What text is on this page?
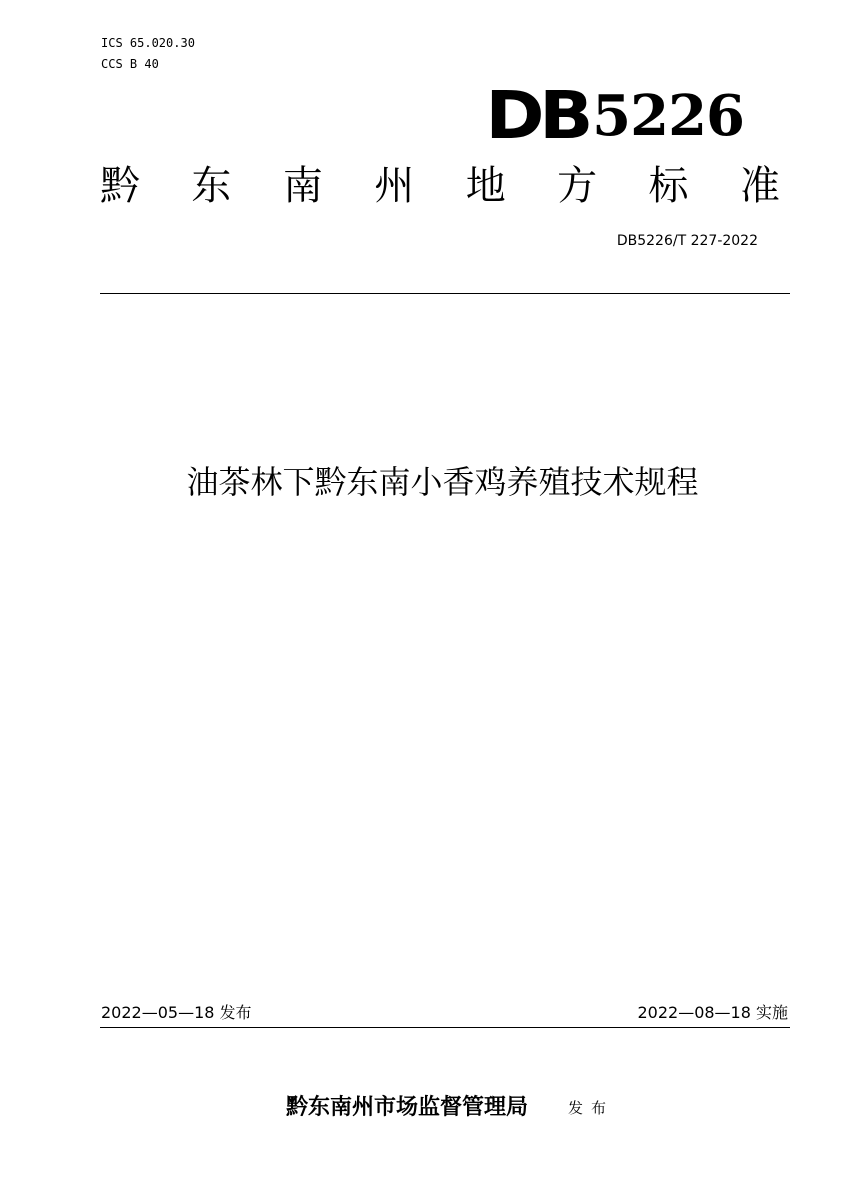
ICS 65.020.30
CCS B 40
DB 5226
黔 东 南 州 地 方 标 准
DB5226/T 227-2022
油茶林下黔东南小香鸡养殖技术规程
2022—05—18 发布	2022—08—18 实施
黔东南州市场监督管理局	发布
